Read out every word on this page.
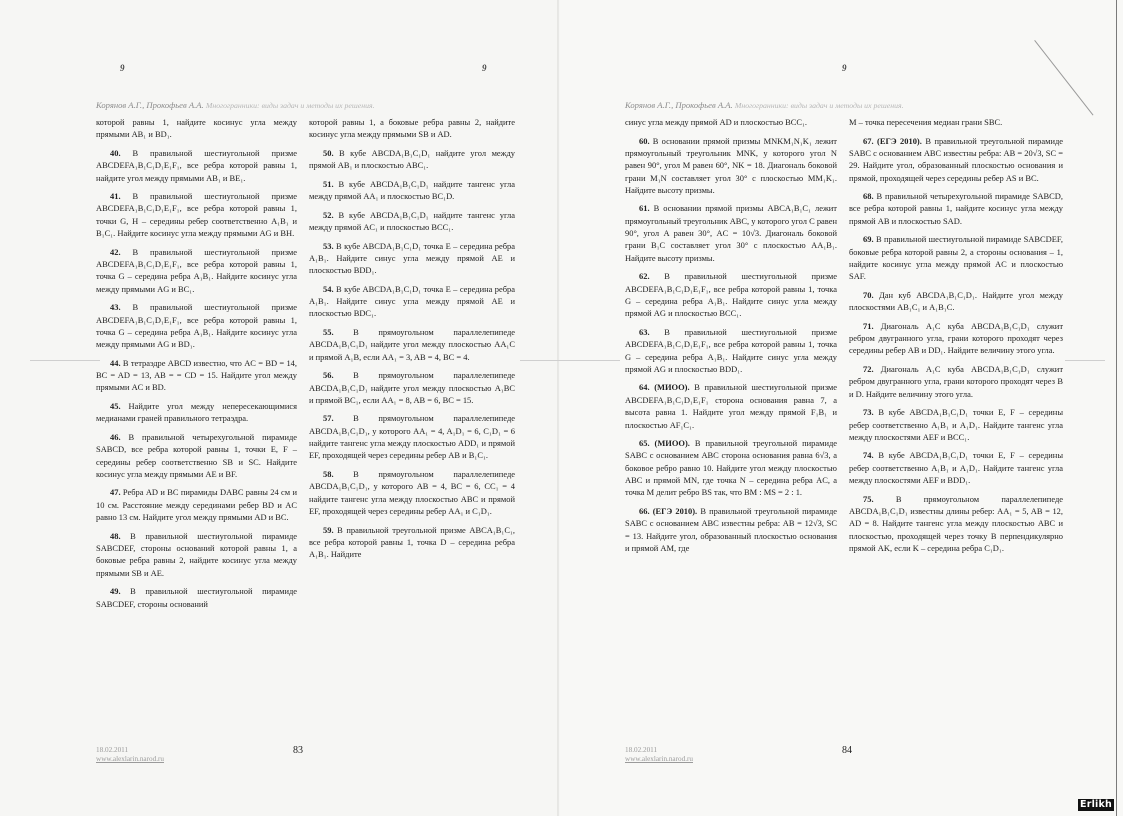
9	9	9
Корянов А.Г., Прокофьев А.А. Многогранники: виды задач и методы их решения.	Корянов А.Г., Прокофьев А.А. Многогранники: виды задач и методы их решения.

которой равны 1, найдите косинус угла между прямыми AB₁ и BD₁.

40. В правильной шестиугольной призме ABCDEFA₁B₁C₁D₁E₁F₁, все ребра которой равны 1, найдите угол между прямыми AB₁ и BE₁.

41. В правильной шестиугольной призме ABCDEFA₁B₁C₁D₁E₁F₁, все ребра которой равны 1, точки G, H – середины ребер соответственно A₁B₁ и B₁C₁. Найдите косинус угла между прямыми AG и BH.

42. В правильной шестиугольной призме ABCDEFA₁B₁C₁D₁E₁F₁, все ребра которой равны 1, точка G – середина ребра A₁B₁. Найдите косинус угла между прямыми AG и BC₁.

43. В правильной шестиугольной призме ABCDEFA₁B₁C₁D₁E₁F₁, все ребра которой равны 1, точка G – середина ребра A₁B₁. Найдите косинус угла между прямыми AG и BD₁.

44. В тетраэдре ABCD известно, что AC = BD = 14, BC = AD = 13, AB = = CD = 15. Найдите угол между прямыми AC и BD.

45. Найдите угол между непересекающимися медианами граней правильного тетраэдра.

46. В правильной четырехугольной пирамиде SABCD, все ребра которой равны 1, точки E, F – середины ребер соответственно SB и SC. Найдите косинус угла между прямыми AE и BF.

47. Ребра AD и BC пирамиды DABC равны 24 см и 10 см. Расстояние между серединами ребер BD и AC равно 13 см. Найдите угол между прямыми AD и BC.

48. В правильной шестиугольной пирамиде SABCDEF, стороны оснований которой равны 1, а боковые ребра равны 2, найдите косинус угла между прямыми SB и AE.

49. В правильной шестиугольной пирамиде SABCDEF, стороны оснований

которой равны 1, а боковые ребра равны 2, найдите косинус угла между прямыми SB и AD.

50. В кубе ABCDA₁B₁C₁D₁ найдите угол между прямой AB₁ и плоскостью ABC₁.

51. В кубе ABCDA₁B₁C₁D₁ найдите тангенс угла между прямой AA₁ и плоскостью BC₁D.

52. В кубе ABCDA₁B₁C₁D₁ найдите тангенс угла между прямой AC₁ и плоскостью BCC₁.

53. В кубе ABCDA₁B₁C₁D₁ точка E – середина ребра A₁B₁. Найдите синус угла между прямой AE и плоскостью BDD₁.

54. В кубе ABCDA₁B₁C₁D₁ точка E – середина ребра A₁B₁. Найдите синус угла между прямой AE и плоскостью BDC₁.

55. В прямоугольном параллелепипеде ABCDA₁B₁C₁D₁ найдите угол между плоскостью AA₁C и прямой A₁B, если AA₁ = 3, AB = 4, BC = 4.

56. В прямоугольном параллелепипеде ABCDA₁B₁C₁D₁ найдите угол между плоскостью A₁BC и прямой BC₁, если AA₁ = 8, AB = 6, BC = 15.

57. В прямоугольном параллелепипеде ABCDA₁B₁C₁D₁, у которого AA₁ = 4, A₁D₁ = 6, C₁D₁ = 6 найдите тангенс угла между плоскостью ADD₁ и прямой EF, проходящей через середины ребер AB и B₁C₁.

58. В прямоугольном параллелепипеде ABCDA₁B₁C₁D₁, у которого AB = 4, BC = 6, CC₁ = 4 найдите тангенс угла между плоскостью ABC и прямой EF, проходящей через середины ребер AA₁ и C₁D₁.

59. В правильной треугольной призме ABCA₁B₁C₁, все ребра которой равны 1, точка D – середина ребра A₁B₁. Найдите

синус угла между прямой AD и плоскостью BCC₁.

60. В основании прямой призмы MNKM₁N₁K₁ лежит прямоугольный треугольник MNK, у которого угол N равен 90°, угол M равен 60°, NK = 18. Диагональ боковой грани M₁N составляет угол 30° с плоскостью MM₁K₁. Найдите высоту призмы.

61. В основании прямой призмы ABCA₁B₁C₁ лежит прямоугольный треугольник ABC, у которого угол C равен 90°, угол A равен 30°, AC = 10√3. Диагональ боковой грани B₁C составляет угол 30° с плоскостью AA₁B₁. Найдите высоту призмы.

62. В правильной шестиугольной призме ABCDEFA₁B₁C₁D₁E₁F₁, все ребра которой равны 1, точка G – середина ребра A₁B₁. Найдите синус угла между прямой AG и плоскостью BCC₁.

63. В правильной шестиугольной призме ABCDEFA₁B₁C₁D₁E₁F₁, все ребра которой равны 1, точка G – середина ребра A₁B₁. Найдите синус угла между прямой AG и плоскостью BDD₁.

64. (МИОО). В правильной шестиугольной призме ABCDEFA₁B₁C₁D₁E₁F₁ сторона основания равна 7, а высота равна 1. Найдите угол между прямой F₁B₁ и плоскостью AF₁C₁.

65. (МИОО). В правильной треугольной пирамиде SABC с основанием ABC сторона основания равна 6√3, а боковое ребро равно 10. Найдите угол между плоскостью ABC и прямой MN, где точка N – середина ребра AC, а точка M делит ребро BS так, что BM : MS = 2 : 1.

66. (ЕГЭ 2010). В правильной треугольной пирамиде SABC с основанием ABC известны ребра: AB = 12√3, SC = 13. Найдите угол, образованный плоскостью основания и прямой AM, где

M – точка пересечения медиан грани SBC.

67. (ЕГЭ 2010). В правильной треугольной пирамиде SABC с основанием ABC известны ребра: AB = 20√3, SC = 29. Найдите угол, образованный плоскостью основания и прямой, проходящей через середины ребер AS и BC.

68. В правильной четырехугольной пирамиде SABCD, все ребра которой равны 1, найдите косинус угла между прямой AB и плоскостью SAD.

69. В правильной шестиугольной пирамиде SABCDEF, боковые ребра которой равны 2, а стороны основания – 1, найдите косинус угла между прямой AC и плоскостью SAF.

70. Дан куб ABCDA₁B₁C₁D₁. Найдите угол между плоскостями AB₁C₁ и A₁B₁C.

71. Диагональ A₁C куба ABCDA₁B₁C₁D₁ служит ребром двугранного угла, грани которого проходят через середины ребер AB и DD₁. Найдите величину этого угла.

72. Диагональ A₁C куба ABCDA₁B₁C₁D₁ служит ребром двугранного угла, грани которого проходят через B и D. Найдите величину этого угла.

73. В кубе ABCDA₁B₁C₁D₁ точки E, F – середины ребер соответственно A₁B₁ и A₁D₁. Найдите тангенс угла между плоскостями AEF и BCC₁.

74. В кубе ABCDA₁B₁C₁D₁ точки E, F – середины ребер соответственно A₁B₁ и A₁D₁. Найдите тангенс угла между плоскостями AEF и BDD₁.

75. В прямоугольном параллелепипеде ABCDA₁B₁C₁D₁ известны длины ребер: AA₁ = 5, AB = 12, AD = 8. Найдите тангенс угла между плоскостью ABC и плоскостью, проходящей через точку B перпендикулярно прямой AK, если K – середина ребра C₁D₁.

18.02.2011
www.alexlarin.narod.ru
83	18.02.2011
www.alexlarin.narod.ru
84
Erlikh
